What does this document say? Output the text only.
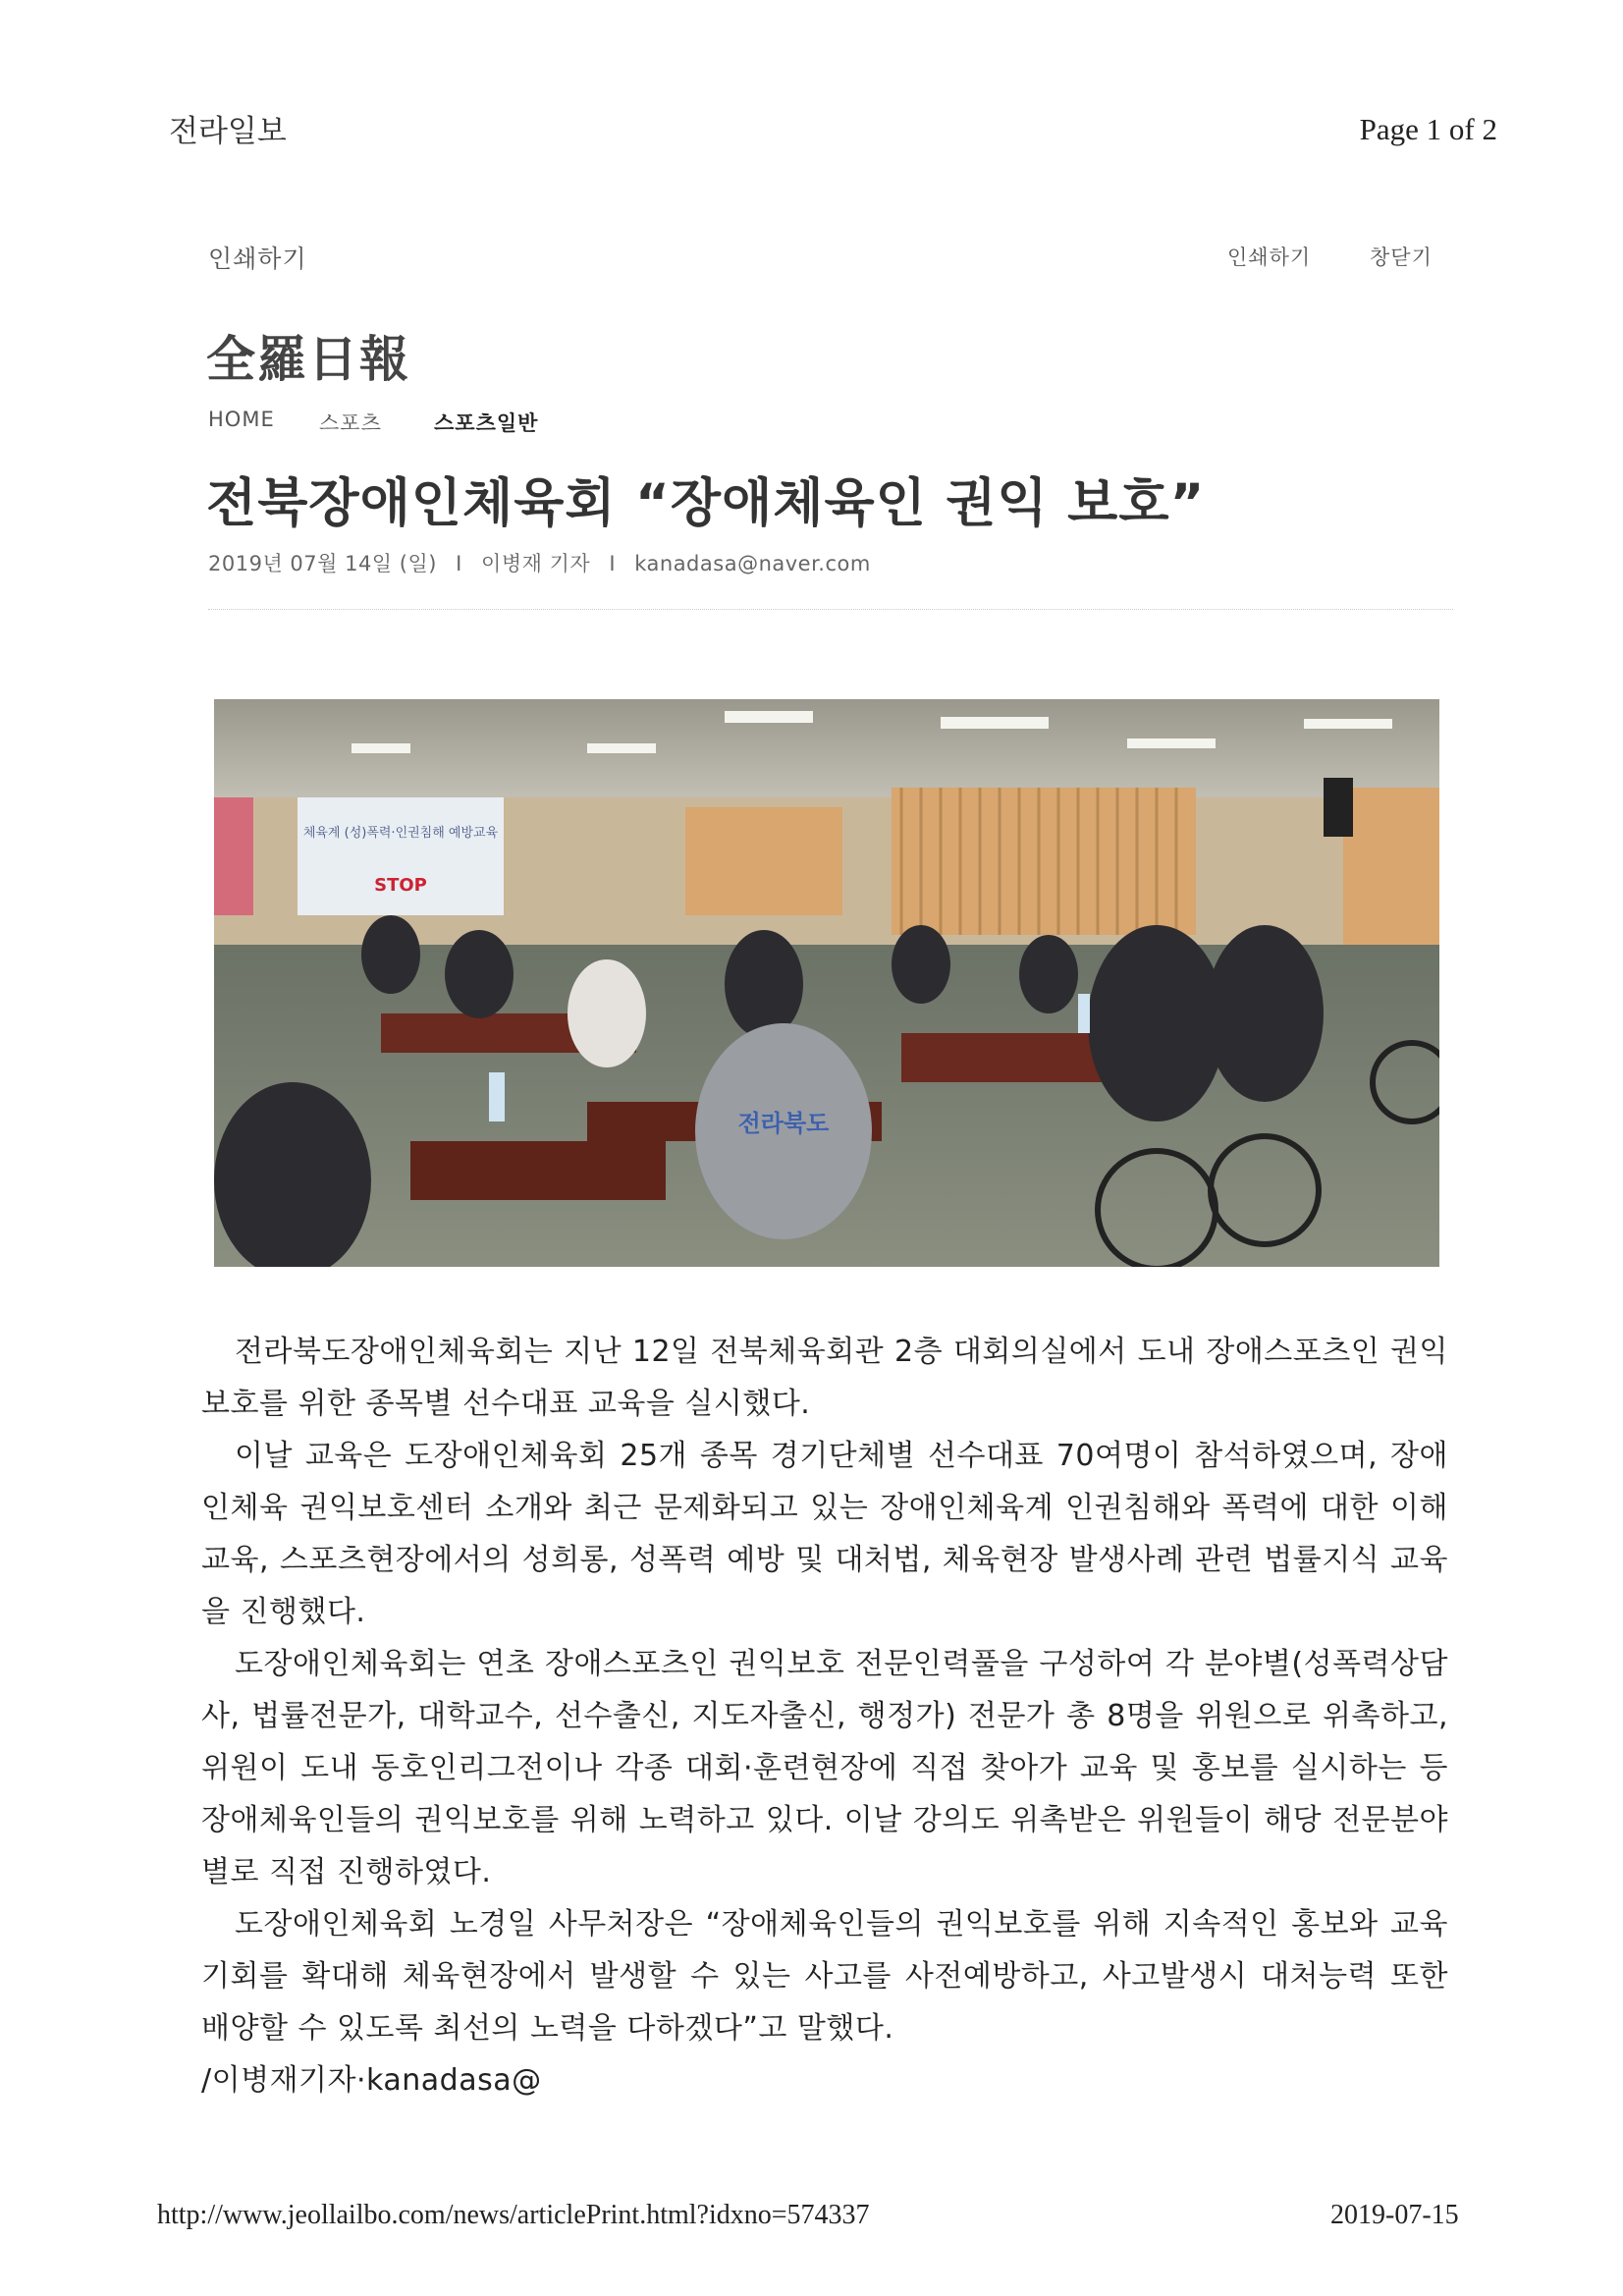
전라일보	Page 1 of 2
인쇄하기	인쇄하기	창닫기
全羅日報
HOME 스포츠	스포츠일반
전북장애인체육회 “장애체육인 권익 보호”
2019년 07월 14일 (일) I 이병재 기자 I kanadasa@naver.com
체육계 (성)폭력·인권침해 예방교육
STOP
전라북도

전라북도장애인체육회는 지난 12일 전북체육회관 2층 대회의실에서 도내 장애스포츠인 권익보호를 위한 종목별 선수대표 교육을 실시했다.

이날 교육은 도장애인체육회 25개 종목 경기단체별 선수대표 70여명이 참석하였으며, 장애인체육 권익보호센터 소개와 최근 문제화되고 있는 장애인체육계 인권침해와 폭력에 대한 이해교육, 스포츠현장에서의 성희롱, 성폭력 예방 및 대처법, 체육현장 발생사례 관련 법률지식 교육을 진행했다.

도장애인체육회는 연초 장애스포츠인 권익보호 전문인력풀을 구성하여 각 분야별(성폭력상담사, 법률전문가, 대학교수, 선수출신, 지도자출신, 행정가) 전문가 총 8명을 위원으로 위촉하고, 위원이 도내 동호인리그전이나 각종 대회·훈련현장에 직접 찾아가 교육 및 홍보를 실시하는 등 장애체육인들의 권익보호를 위해 노력하고 있다. 이날 강의도 위촉받은 위원들이 해당 전문분야별로 직접 진행하였다.

도장애인체육회 노경일 사무처장은 “장애체육인들의 권익보호를 위해 지속적인 홍보와 교육기회를 확대해 체육현장에서 발생할 수 있는 사고를 사전예방하고, 사고발생시 대처능력 또한 배양할 수 있도록 최선의 노력을 다하겠다”고 말했다.

/이병재기자·kanadasa@

http://www.jeollailbo.com/news/articlePrint.html?idxno=574337	2019-07-15
